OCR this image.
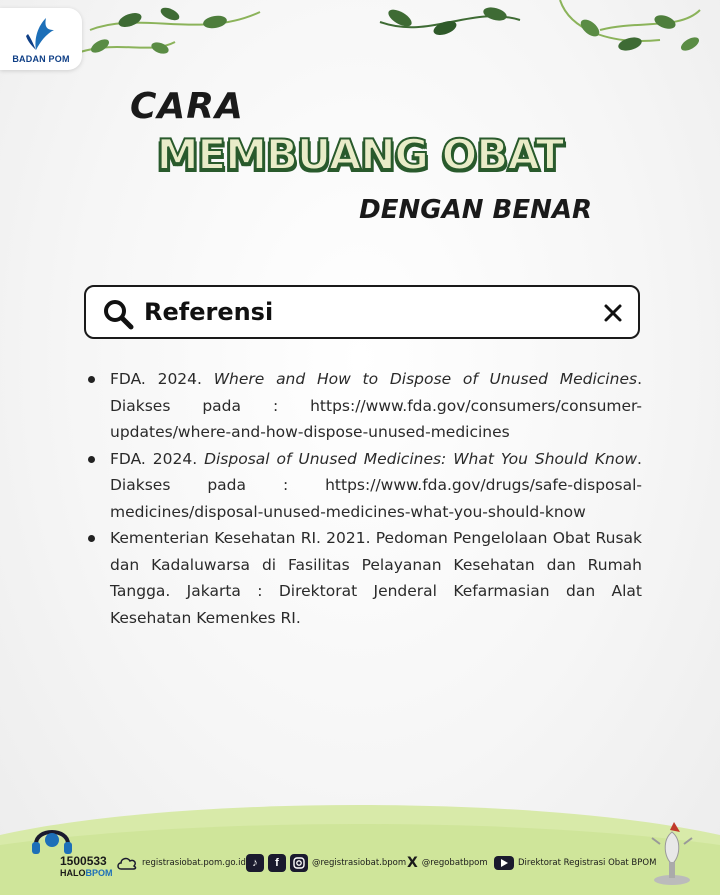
BADAN POM
CARA
MEMBUANG OBAT
DENGAN BENAR
Referensi
FDA. 2024. Where and How to Dispose of Unused Medicines. Diakses pada : https://www.fda.gov/consumers/consumer-updates/where-and-how-dispose-unused-medicines
FDA. 2024. Disposal of Unused Medicines: What You Should Know. Diakses pada : https://www.fda.gov/drugs/safe-disposal-medicines/disposal-unused-medicines-what-you-should-know
Kementerian Kesehatan RI. 2021. Pedoman Pengelolaan Obat Rusak dan Kadaluwarsa di Fasilitas Pelayanan Kesehatan dan Rumah Tangga. Jakarta : Direktorat Jenderal Kefarmasian dan Alat Kesehatan Kemenkes RI.
1500533
HALOBPOM
registrasiobat.pom.go.id ♪	f	@registrasiobat.bpom X @regobatbpom	Direktorat Registrasi Obat BPOM
